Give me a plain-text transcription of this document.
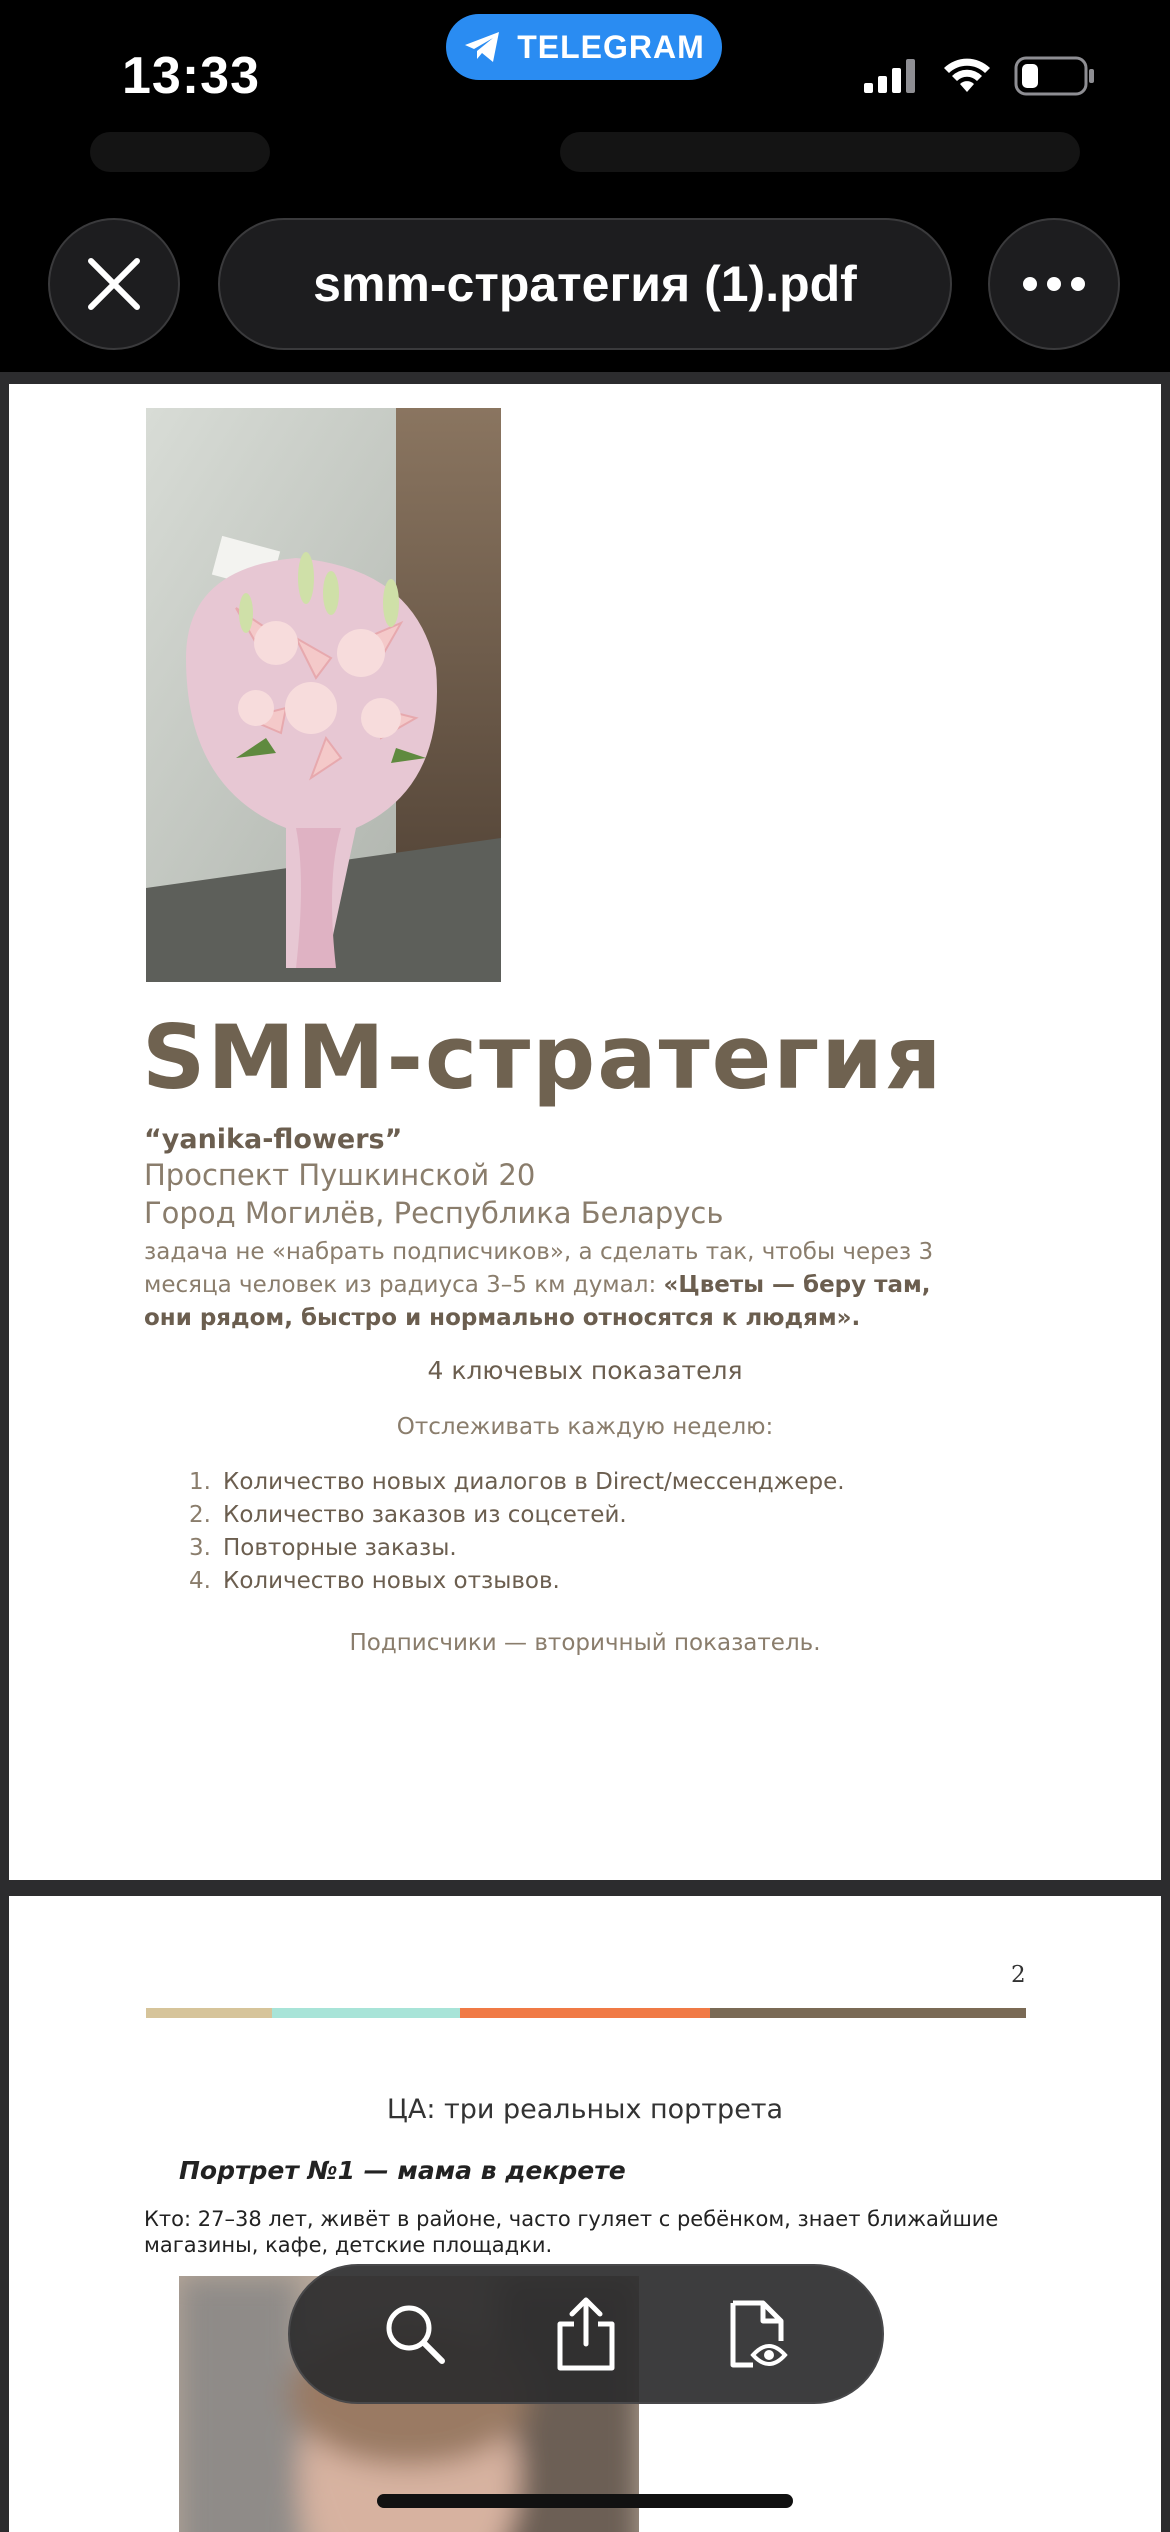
13:33
TELEGRAM
smm-стратегия (1).pdf
SMM-стратегия
“yanika-flowers”
Проспект Пушкинской 20
Город Могилёв, Республика Беларусь
задача не «набрать подписчиков», а сделать так, чтобы через 3 месяца человек из радиуса 3–5 км думал: «Цветы — беру там, они рядом, быстро и нормально относятся к людям».
4 ключевых показателя
Отслеживать каждую неделю:
1. Количество новых диалогов в Direct/мессенджере.
2. Количество заказов из соцсетей.
3. Повторные заказы.
4. Количество новых отзывов.
Подписчики — вторичный показатель.
2
ЦА: три реальных портрета
Портрет №1 — мама в декрете
Кто: 27–38 лет, живёт в районе, часто гуляет с ребёнком, знает ближайшие магазины, кафе, детские площадки.
